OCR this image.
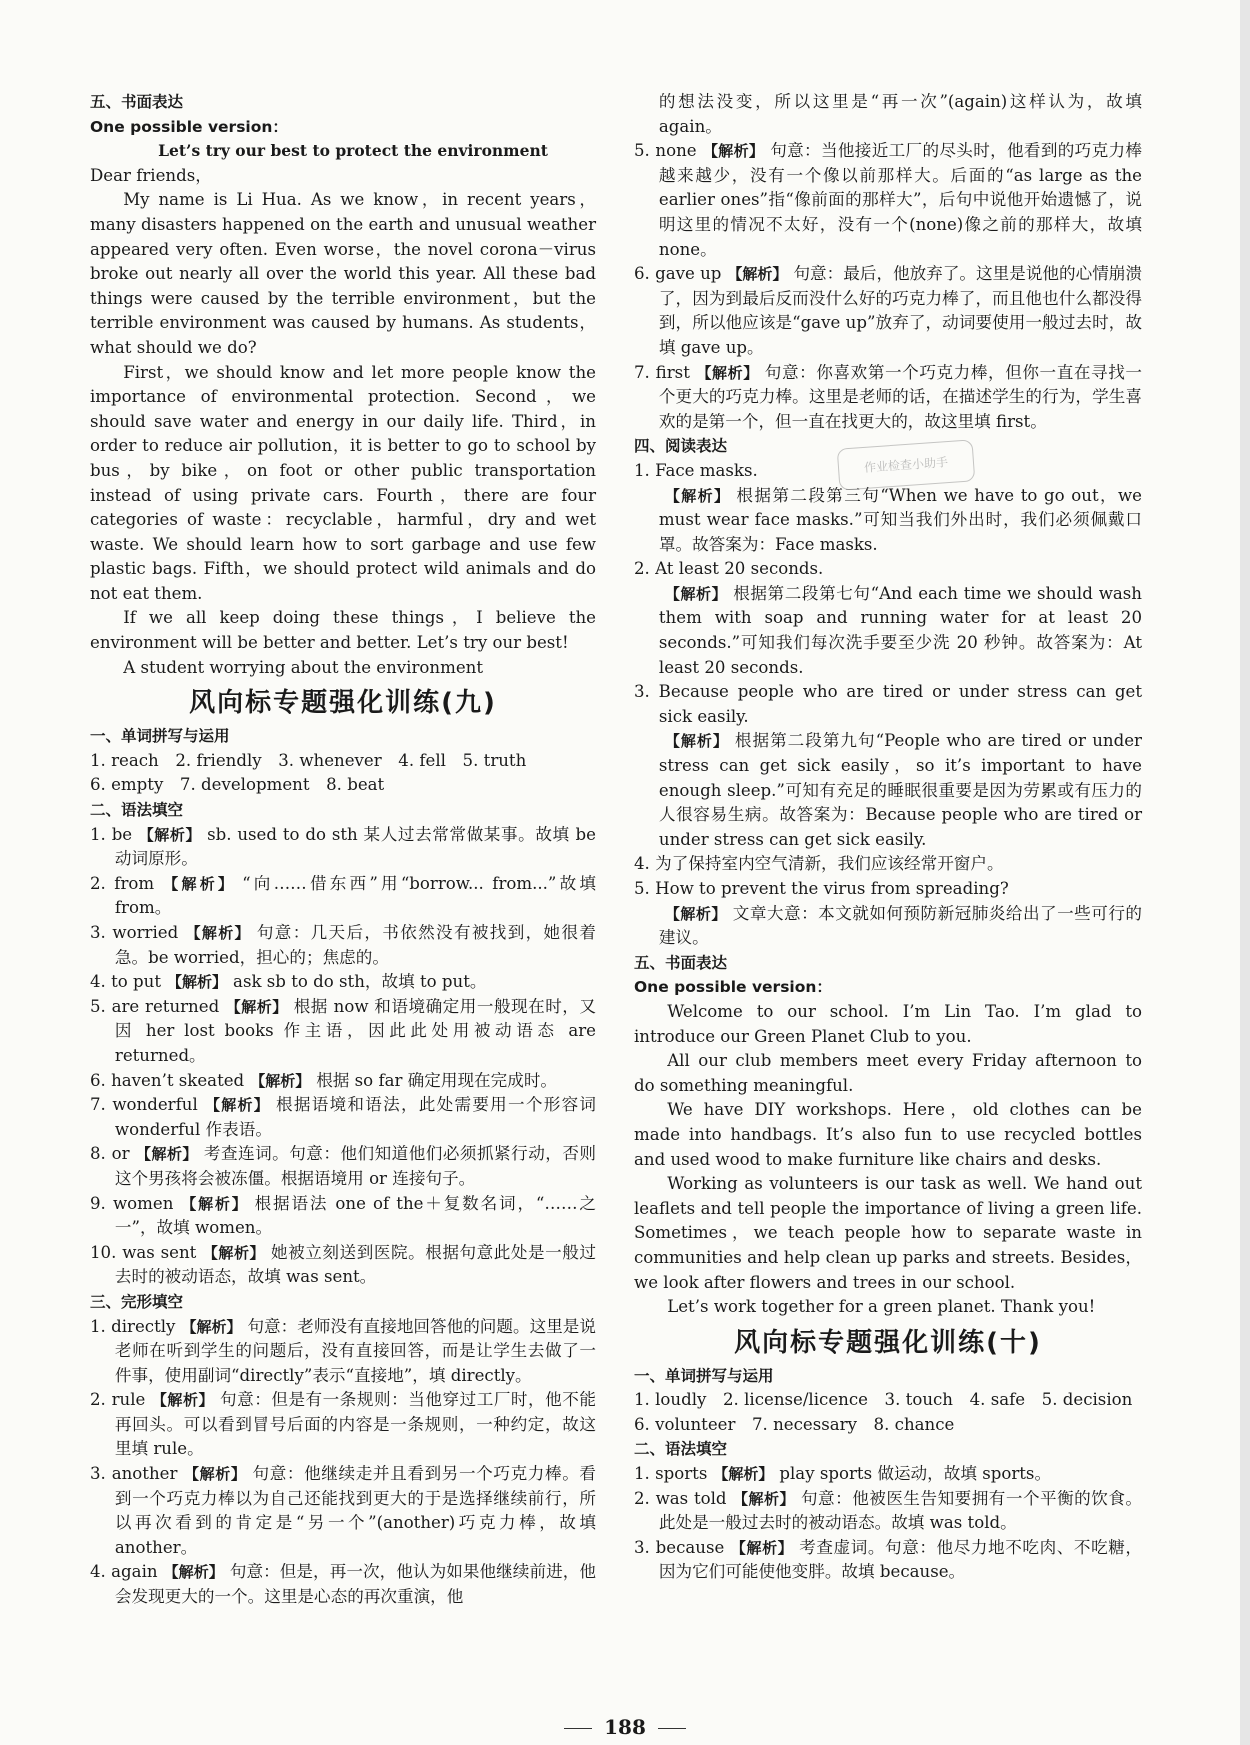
五、书面表达
One possible version：
Let’s try our best to protect the environment

Dear friends，

My name is Li Hua. As we know，in recent years，many disasters happened on the earth and unusual weather appeared very often. Even worse，the novel corona－virus broke out nearly all over the world this year. All these bad things were caused by the terrible environment，but the terrible environment was caused by humans. As students，what should we do?

First，we should know and let more people know the importance of environmental protection. Second，we should save water and energy in our daily life. Third，in order to reduce air pollution，it is better to go to school by bus，by bike，on foot or other public transportation instead of using private cars. Fourth，there are four categories of waste：recyclable，harmful，dry and wet waste. We should learn how to sort garbage and use few plastic bags. Fifth，we should protect wild animals and do not eat them.

If we all keep doing these things，I believe the environment will be better and better. Let’s try our best!

A student worrying about the environment

风向标专题强化训练(九)
一、单词拼写与运用

1. reach　2. friendly　3. whenever　4. fell　5. truth

6. empty　7. development　8. beat

二、语法填空

1. be 【解析】 sb. used to do sth 某人过去常常做某事。故填 be 动词原形。

2. from 【解析】 “向……借东西”用“borrow... from...”故填 from。

3. worried 【解析】 句意：几天后，书依然没有被找到，她很着急。be worried，担心的；焦虑的。

4. to put 【解析】 ask sb to do sth，故填 to put。

5. are returned 【解析】 根据 now 和语境确定用一般现在时，又因 her lost books 作主语，因此此处用被动语态 are returned。

6. haven’t skeated 【解析】 根据 so far 确定用现在完成时。

7. wonderful 【解析】 根据语境和语法，此处需要用一个形容词 wonderful 作表语。

8. or 【解析】 考查连词。句意：他们知道他们必须抓紧行动，否则这个男孩将会被冻僵。根据语境用 or 连接句子。

9. women 【解析】 根据语法 one of the＋复数名词，“……之一”，故填 women。

10. was sent 【解析】 她被立刻送到医院。根据句意此处是一般过去时的被动语态，故填 was sent。

三、完形填空

1. directly 【解析】 句意：老师没有直接地回答他的问题。这里是说老师在听到学生的问题后，没有直接回答，而是让学生去做了一件事，使用副词“directly”表示“直接地”，填 directly。

2. rule 【解析】 句意：但是有一条规则：当他穿过工厂时，他不能再回头。可以看到冒号后面的内容是一条规则，一种约定，故这里填 rule。

3. another 【解析】 句意：他继续走并且看到另一个巧克力棒。看到一个巧克力棒以为自己还能找到更大的于是选择继续前行，所以再次看到的肯定是“另一个”(another)巧克力棒，故填 another。

4. again 【解析】 句意：但是，再一次，他认为如果他继续前进，他会发现更大的一个。这里是心态的再次重演，他

的想法没变，所以这里是“再一次”(again)这样认为，故填 again。

5. none 【解析】 句意：当他接近工厂的尽头时，他看到的巧克力棒越来越少，没有一个像以前那样大。后面的“as large as the earlier ones”指“像前面的那样大”，后句中说他开始遗憾了，说明这里的情况不太好，没有一个(none)像之前的那样大，故填 none。

6. gave up 【解析】 句意：最后，他放弃了。这里是说他的心情崩溃了，因为到最后反而没什么好的巧克力棒了，而且他也什么都没得到，所以他应该是“gave up”放弃了，动词要使用一般过去时，故填 gave up。

7. first 【解析】 句意：你喜欢第一个巧克力棒，但你一直在寻找一个更大的巧克力棒。这里是老师的话，在描述学生的行为，学生喜欢的是第一个，但一直在找更大的，故这里填 first。

四、阅读表达

1. Face masks.

【解析】 根据第二段第三句“When we have to go out，we must wear face masks.”可知当我们外出时，我们必须佩戴口罩。故答案为：Face masks.

2. At least 20 seconds.

【解析】 根据第二段第七句“And each time we should wash them with soap and running water for at least 20 seconds.”可知我们每次洗手要至少洗 20 秒钟。故答案为：At least 20 seconds.

3. Because people who are tired or under stress can get sick easily.

【解析】 根据第二段第九句“People who are tired or under stress can get sick easily，so it’s important to have enough sleep.”可知有充足的睡眠很重要是因为劳累或有压力的人很容易生病。故答案为：Because people who are tired or under stress can get sick easily.

4. 为了保持室内空气清新，我们应该经常开窗户。

5. How to prevent the virus from spreading?

【解析】 文章大意：本文就如何预防新冠肺炎给出了一些可行的建议。

五、书面表达
One possible version：

Welcome to our school. I’m Lin Tao. I’m glad to introduce our Green Planet Club to you.

All our club members meet every Friday afternoon to do something meaningful.

We have DIY workshops. Here，old clothes can be made into handbags. It’s also fun to use recycled bottles and used wood to make furniture like chairs and desks.

Working as volunteers is our task as well. We hand out leaflets and tell people the importance of living a green life. Sometimes，we teach people how to separate waste in communities and help clean up parks and streets. Besides，we look after flowers and trees in our school.

Let’s work together for a green planet. Thank you!

风向标专题强化训练(十)
一、单词拼写与运用

1. loudly　2. license/licence　3. touch　4. safe　5. decision

6. volunteer　7. necessary　8. chance

二、语法填空

1. sports 【解析】 play sports 做运动，故填 sports。

2. was told 【解析】 句意：他被医生告知要拥有一个平衡的饮食。此处是一般过去时的被动语态。故填 was told。

3. because 【解析】 考查虚词。句意：他尽力地不吃肉、不吃糖，因为它们可能使他变胖。故填 because。

作业检查小助手
188
